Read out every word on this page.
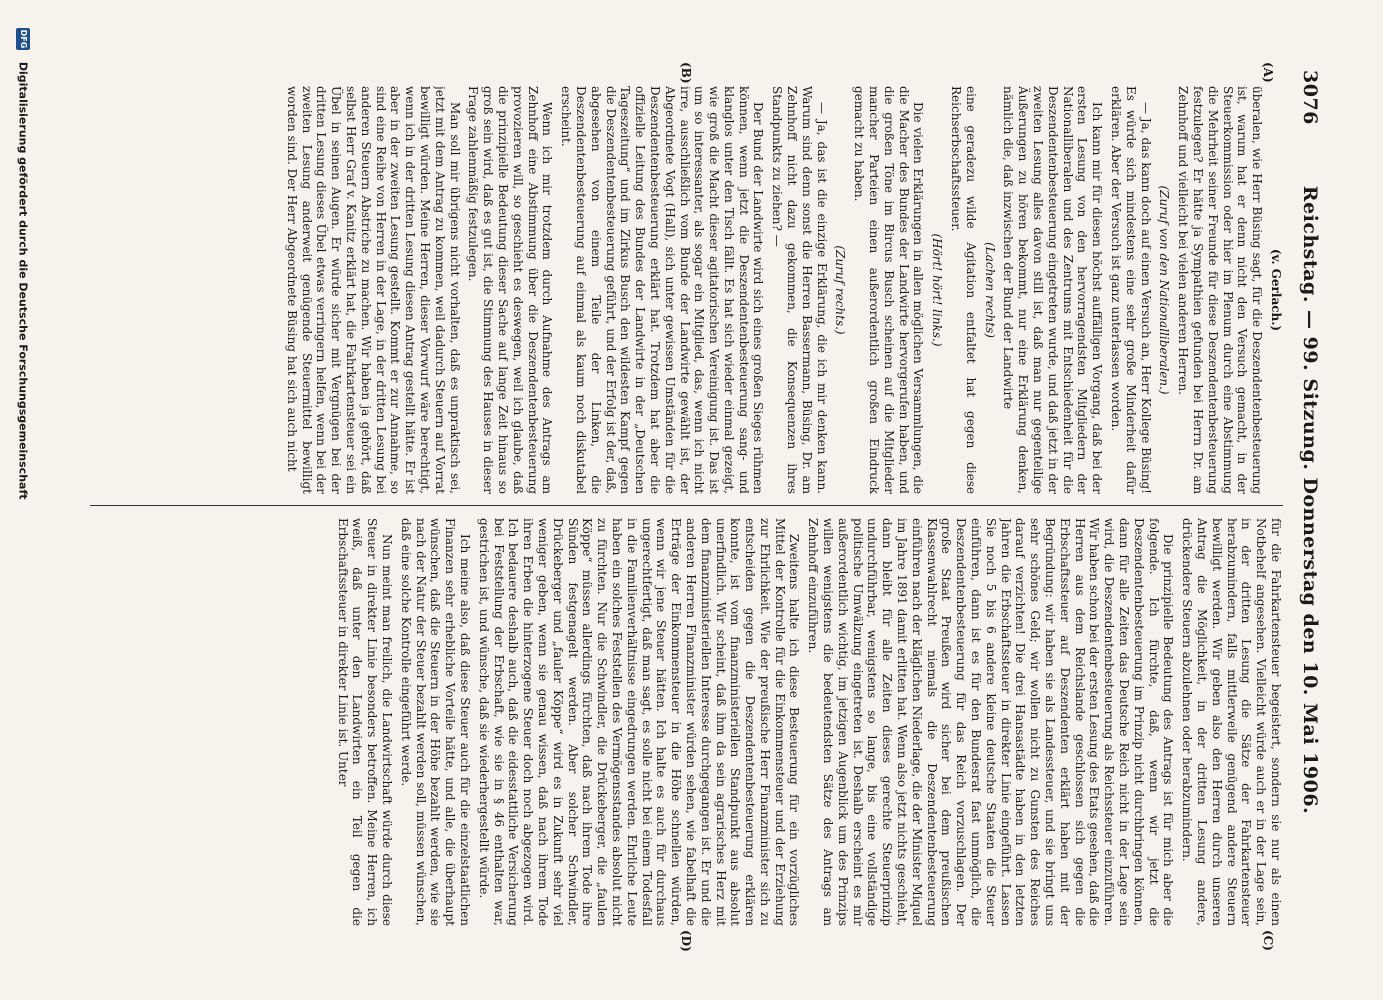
3076
Reichstag. — 99. Sitzung. Donnerstag den 10. Mai 1906.
(A)
(B)
(C)
(D)
(v. Gerlach.)

überalen, wie Herr Büsing sagt, für die Deszendentenbesteuerung ist, warum hat er denn nicht den Versuch gemacht, in der Steuerkommission oder hier im Plenum durch eine Abstimmung die Mehrheit seiner Freunde für diese Deszendentenbesteuerung festzulegen? Er hätte ja Sympathien gefunden bei Herrn Dr. am Zehnhoff und vielleicht bei vielen anderen Herren.

(Zuruf von den Nationalliberalen.)

— Ja, das kann doch auf einen Versuch an, Herr Kollege Büsing! Es würde sich mindestens eine sehr große Minderheit dafür erklären. Aber der Versuch ist ganz unterlassen worden.

Ich kann mir für diesen höchst auffälligen Vorgang, daß bei der ersten Lesung von den hervorragendsten Mitgliedern der Nationalliberalen und des Zentrums mit Entschiedenheit für die Deszendentenbesteuerung eingetreten wurde, und daß jetzt in der zweiten Lesung alles davon still ist, daß man nur gegenteilige Äußerungen zu hören bekommt, nur eine Erklärung denken, nämlich die, daß inzwischen der Bund der Landwirte

(Lachen rechts)

eine geradezu wilde Agitation entfaltet hat gegen diese Reichserbschaftssteuer.

(Hört! hört! links.)

Die vielen Erklärungen in allen möglichen Versammlungen, die die Macher des Bundes der Landwirte hervorgerufen haben, und die großen Töne im Bircus Busch scheinen auf die Mitglieder mancher Parteien einen außerordentlich großen Eindruck gemacht zu haben.

(Zuruf rechts.)

— Ja, das ist die einzige Erklärung, die ich mir denken kann. Warum sind denn sonst die Herren Bassermann, Büsing, Dr. am Zehnhoff nicht dazu gekommen, die Konsequenzen ihres Standpunkts zu ziehen? —

Der Bund der Landwirte wird sich eines großen Sieges rühmen können, wenn jetzt die Deszendentenbesteuerung sang- und klanglos unter den Tisch fällt. Es hat sich wieder einmal gezeigt, wie groß die Macht dieser agitatorischen Vereinigung ist. Das ist um so interessanter, als sogar ein Mitglied, das, wenn ich nicht irre, ausschließlich vom Bunde der Landwirte gewählt ist, der Abgeordnete Vogt (Hall), sich unter gewissen Umständen für die Deszendentenbesteuerung erklärt hat. Trotzdem hat aber die offizielle Leitung des Bundes der Landwirte in der „Deutschen Tageszeitung“ und im Zirkus Busch den wildesten Kampf gegen die Deszendentenbesteuerung geführt, und der Erfolg ist der, daß, abgesehen von einem Teile der Linken, die Deszendentenbesteuerung auf einmal als kaum noch diskutabel erscheint.

Wenn ich mir trotzdem durch Aufnahme des Antrags am Zehnhoff eine Abstimmung über die Deszendentenbesteuerung provozieren will, so geschieht es deswegen, weil ich glaube, daß die prinzipielle Bedeutung dieser Sache auf lange Zeit hinaus so groß sein wird, daß es gut ist, die Stimmung des Hauses in dieser Frage zahlenmäßig festzulegen.

Man soll mir übrigens nicht vorhalten, daß es unpraktisch sei, jetzt mit dem Antrag zu kommen, weil dadurch Steuern auf Vorrat bewilligt würden. Meine Herren, dieser Vorwurf wäre berechtigt, wenn ich in der dritten Lesung diesen Antrag gestellt hätte. Er ist aber in der zweiten Lesung gestellt. Kommt er zur Annahme, so sind eine Reihe von Herren in der Lage, in der dritten Lesung bei anderen Steuern Abstriche zu machen. Wir haben ja gehört, daß selbst Herr Graf v. Kanitz erklärt hat, die Fahrkartensteuer sei ein Übel in seinen Augen. Er würde sicher mit Vergnügen bei der dritten Lesung dieses Übel etwas verringern helfen, wenn bei der zweiten Lesung anderweit genügende Steuermittel bewilligt worden sind. Der Herr Abgeordnete Büsing hat sich auch nicht

für die Fahrkartensteuer begeistert, sondern sie nur als einen Notbehelf angesehen. Vielleicht würde auch er in der Lage sein, in der dritten Lesung die Sätze der Fahrkartensteuer herabzumindern, falls mittlerweile genügend andere Steuern bewilligt werden. Wir geben also den Herren durch unseren Antrag die Möglichkeit, in der dritten Lesung andere, drückendere Steuern abzulehnen oder herabzumindern.

Die prinzipielle Bedeutung des Antrags ist für mich aber die folgende. Ich fürchte, daß, wenn wir jetzt die Deszendentenbesteuerung im Prinzip nicht durchbringen können, dann für alle Zeiten das Deutsche Reich nicht in der Lage sein wird, die Deszendentenbesteuerung als Reichssteuer einzuführen. Wir haben schon bei der ersten Lesung des Etats gesehen, daß die Herren aus dem Reichslande geschlossen sich gegen die Erbschaftssteuer auf Deszendenten erklärt haben mit der Begründung: wir haben sie als Landessteuer, und sie bringt uns sehr schönes Geld; wir wollen nicht zu Gunsten des Reiches darauf verzichten! Die drei Hansastädte haben in den letzten Jahren die Erbschaftssteuer in direkter Linie eingeführt. Lassen Sie noch 5 bis 6 andere kleine deutsche Staaten die Steuer einführen, dann ist es für den Bundesrat fast unmöglich, die Deszendentenbesteuerung für das Reich vorzuschlagen. Der große Staat Preußen wird sicher bei dem preußischen Klassenwahlrecht niemals die Deszendentenbesteuerung einführen nach der kläglichen Niederlage, die der Minister Miquel im Jahre 1891 damit erlitten hat. Wenn also jetzt nichts geschieht, dann bleibt für alle Zeiten dieses gerechte Steuerprinzip undurchführbar, wenigstens so lange, bis eine vollständige politische Umwälzung eingetreten ist. Deshalb erscheint es mir außerordentlich wichtig, im jetzigen Augenblick um des Prinzips willen wenigstens die bedeutendsten Sätze des Antrags am Zehnhoff einzuführen.

Zweitens halte ich diese Besteuerung für ein vorzügliches Mittel der Kontrolle für die Einkommensteuer und der Erziehung zur Ehrlichkeit. Wie der preußische Herr Finanzminister sich zu entscheiden gegen die Deszendentenbesteuerung erklären konnte, ist vom finanzministeriellen Standpunkt aus absolut unerfindlich. Wir scheint, daß ihm da sein agrarisches Herz mit dem finanzministeriellen Interesse durchgegangen ist. Er und die anderen Herren Finanzminister würden sehen, wie fabelhaft die Erträge der Einkommensteuer in die Höhe schnellen würden, wenn wir jene Steuer hätten. Ich halte es auch für durchaus ungerechtfertigt, daß man sagt, es solle nicht bei einem Todesfall in die Familienverhältnisse eingedrungen werden. Ehrliche Leute haben ein solches Feststellen des Vermögensstandes absolut nicht zu fürchten. Nur die Schwindler, die Drückeberger, die „faulen Köppe“ müssen allerdings fürchten, daß nach ihrem Tode ihre Sünden festgenagelt werden. Aber solcher Schwindler, Drückeberger und „fauler Köppe“ wird es in Zukunft sehr viel weniger geben, wenn sie genau wissen, daß nach ihrem Tode ihren Erben die hinterzogene Steuer doch noch abgezogen wird. Ich bedauere deshalb auch, daß die eidesstattliche Versicherung bei Feststellung der Erbschaft, wie sie in § 46 enthalten war, gestrichen ist, und wünsche, daß sie wiederhergestellt würde.

Ich meine also, daß diese Steuer auch für die einzelstaatlichen Finanzen sehr erhebliche Vorteile hätte, und alle, die überhaupt wünschen, daß die Steuern in der Höhe bezahlt werden, wie sie nach der Natur der Steuer bezahlt werden soll, müssen wünschen, daß eine solche Kontrolle eingeführt werde.

Nun meint man freilich, die Landwirtschaft würde durch diese Steuer in direkter Linie besonders betroffen. Meine Herren, ich weiß, daß unter den Landwirten ein Teil gegen die Erbschaftssteuer in direkter Linie ist. Unter

DFG Digitalisierung gefördert durch die Deutsche Forschungsgemeinschaft
